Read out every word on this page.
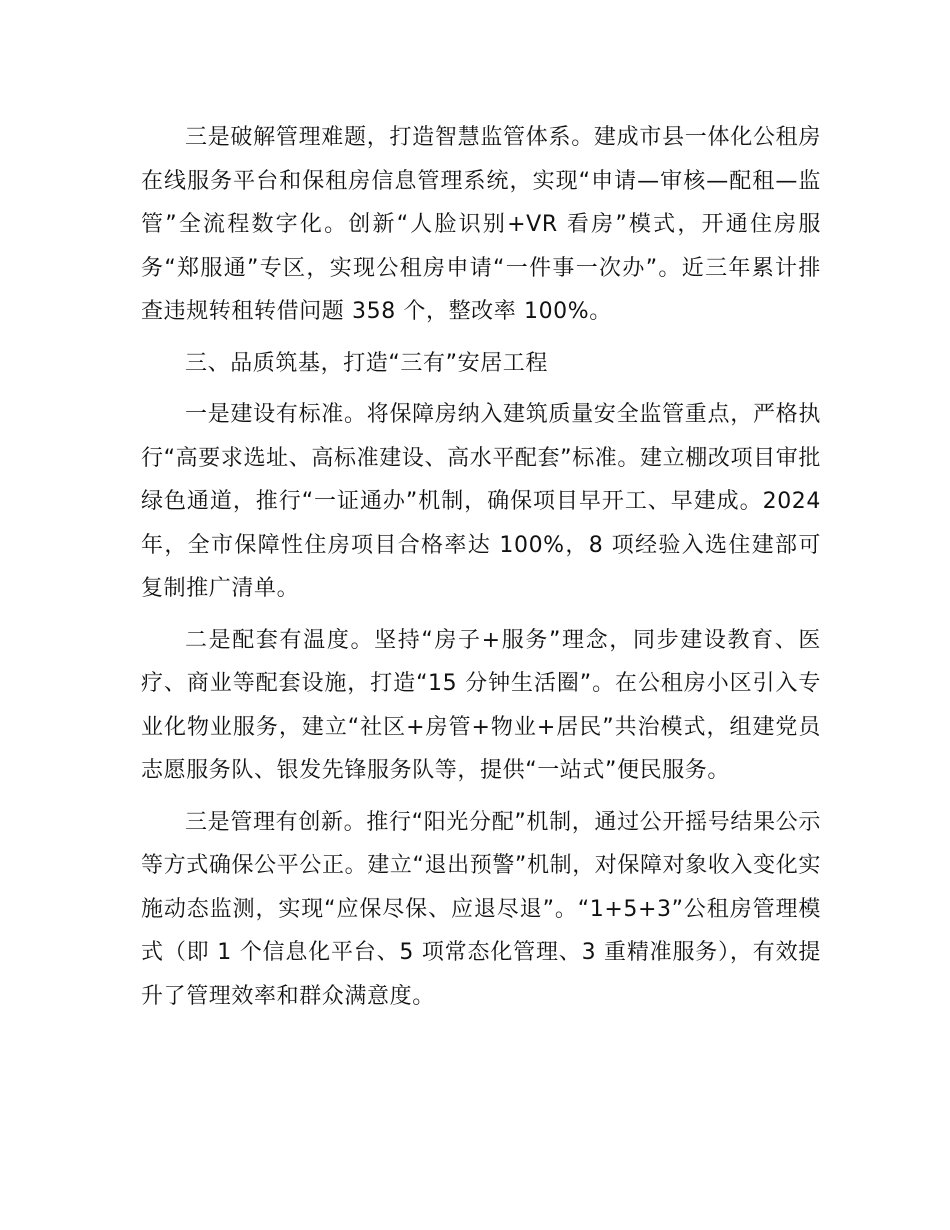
三是破解管理难题，打造智慧监管体系。建成市县一体化公租房在线服务平台和保租房信息管理系统，实现“申请—审核—配租—监管”全流程数字化。创新“人脸识别+VR 看房”模式，开通住房服务“郑服通”专区，实现公租房申请“一件事一次办”。近三年累计排查违规转租转借问题 358 个，整改率 100%。

三、品质筑基，打造“三有”安居工程

一是建设有标准。将保障房纳入建筑质量安全监管重点，严格执行“高要求选址、高标准建设、高水平配套”标准。建立棚改项目审批绿色通道，推行“一证通办”机制，确保项目早开工、早建成。2024 年，全市保障性住房项目合格率达 100%，8 项经验入选住建部可复制推广清单。

二是配套有温度。坚持“房子+服务”理念，同步建设教育、医疗、商业等配套设施，打造“15 分钟生活圈”。在公租房小区引入专业化物业服务，建立“社区+房管+物业+居民”共治模式，组建党员志愿服务队、银发先锋服务队等，提供“一站式”便民服务。

三是管理有创新。推行“阳光分配”机制，通过公开摇号结果公示等方式确保公平公正。建立“退出预警”机制，对保障对象收入变化实施动态监测，实现“应保尽保、应退尽退”。“1+5+3”公租房管理模式（即 1 个信息化平台、5 项常态化管理、3 重精准服务），有效提升了管理效率和群众满意度。
